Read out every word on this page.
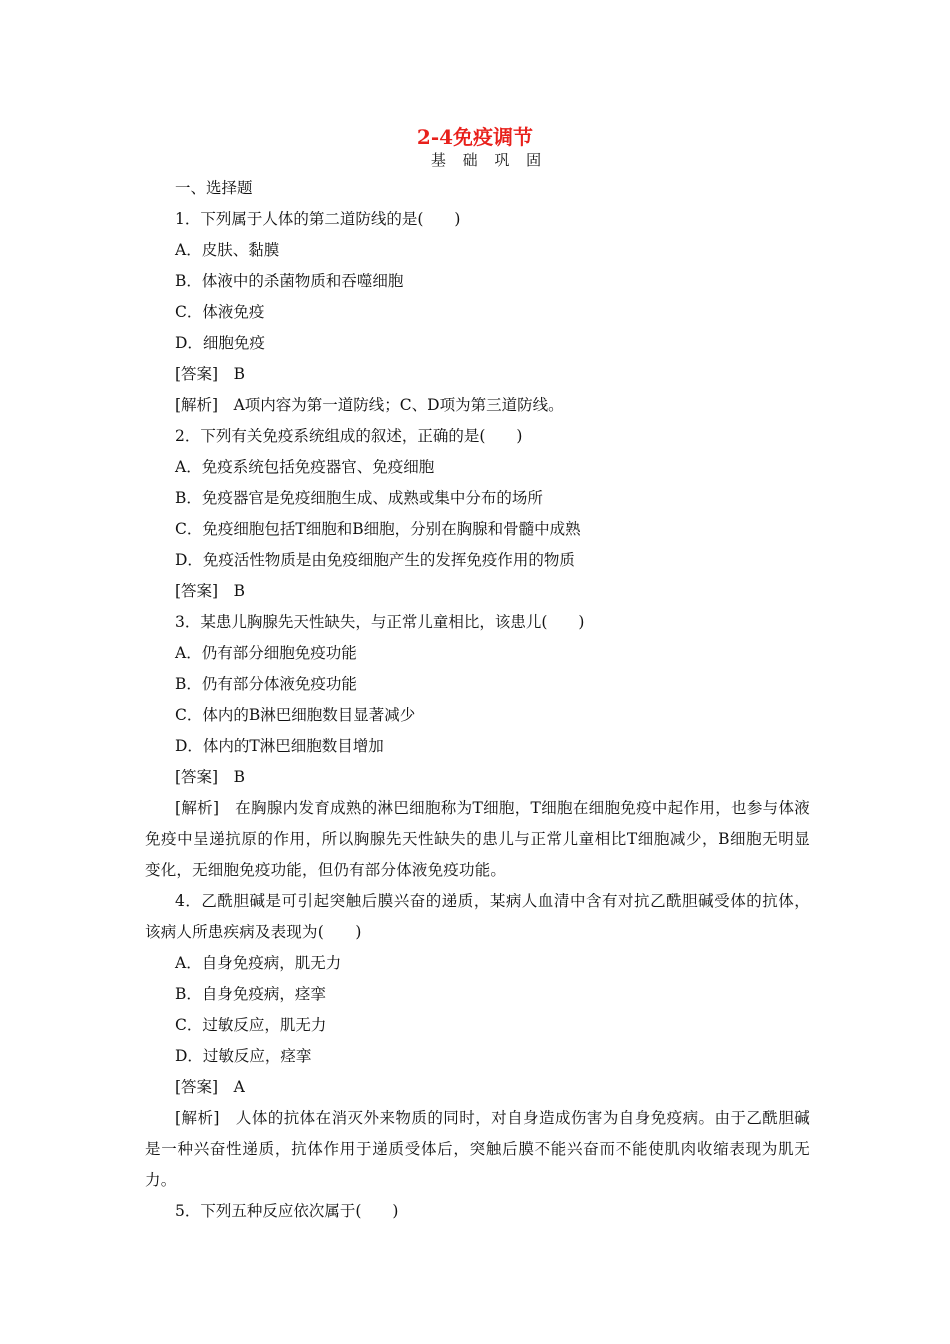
2-4免疫调节
基 础 巩 固
一、选择题
1．下列属于人体的第二道防线的是(　　)
A．皮肤、黏膜
B．体液中的杀菌物质和吞噬细胞
C．体液免疫
D．细胞免疫
[答案]　B
[解析]　A项内容为第一道防线；C、D项为第三道防线。
2．下列有关免疫系统组成的叙述，正确的是(　　)
A．免疫系统包括免疫器官、免疫细胞
B．免疫器官是免疫细胞生成、成熟或集中分布的场所
C．免疫细胞包括T细胞和B细胞，分别在胸腺和骨髓中成熟
D．免疫活性物质是由免疫细胞产生的发挥免疫作用的物质
[答案]　B
3．某患儿胸腺先天性缺失，与正常儿童相比，该患儿(　　)
A．仍有部分细胞免疫功能
B．仍有部分体液免疫功能
C．体内的B淋巴细胞数目显著减少
D．体内的T淋巴细胞数目增加
[答案]　B

[解析]　在胸腺内发育成熟的淋巴细胞称为T细胞，T细胞在细胞免疫中起作用，也参与体液免疫中呈递抗原的作用，所以胸腺先天性缺失的患儿与正常儿童相比T细胞减少，B细胞无明显变化，无细胞免疫功能，但仍有部分体液免疫功能。

4．乙酰胆碱是可引起突触后膜兴奋的递质，某病人血清中含有对抗乙酰胆碱受体的抗体，该病人所患疾病及表现为(　　)

A．自身免疫病，肌无力
B．自身免疫病，痉挛
C．过敏反应，肌无力
D．过敏反应，痉挛
[答案]　A

[解析]　人体的抗体在消灭外来物质的同时，对自身造成伤害为自身免疫病。由于乙酰胆碱是一种兴奋性递质，抗体作用于递质受体后，突触后膜不能兴奋而不能使肌肉收缩表现为肌无力。

5．下列五种反应依次属于(　　)
